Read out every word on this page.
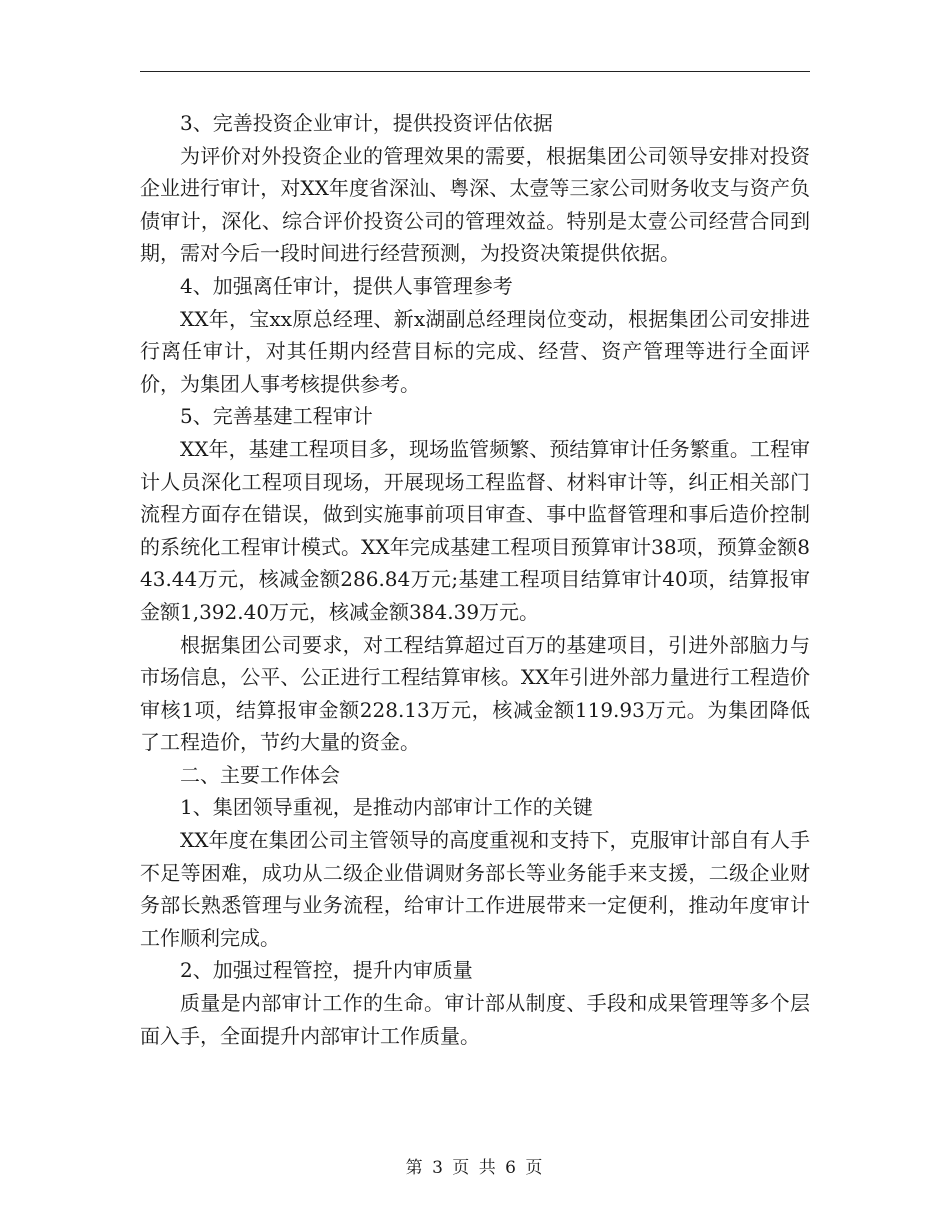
3、完善投资企业审计，提供投资评估依据

为评价对外投资企业的管理效果的需要，根据集团公司领导安排对投资企业进行审计，对XX年度省深汕、粤深、太壹等三家公司财务收支与资产负债审计，深化、综合评价投资公司的管理效益。特别是太壹公司经营合同到期，需对今后一段时间进行经营预测，为投资决策提供依据。

4、加强离任审计，提供人事管理参考

XX年，宝xx原总经理、新x湖副总经理岗位变动，根据集团公司安排进行离任审计，对其任期内经营目标的完成、经营、资产管理等进行全面评价，为集团人事考核提供参考。

5、完善基建工程审计

XX年，基建工程项目多，现场监管频繁、预结算审计任务繁重。工程审计人员深化工程项目现场，开展现场工程监督、材料审计等，纠正相关部门流程方面存在错误，做到实施事前项目审查、事中监督管理和事后造价控制的系统化工程审计模式。XX年完成基建工程项目预算审计38项，预算金额843.44万元，核减金额286.84万元;基建工程项目结算审计40项，结算报审金额1,392.40万元，核减金额384.39万元。

根据集团公司要求，对工程结算超过百万的基建项目，引进外部脑力与市场信息，公平、公正进行工程结算审核。XX年引进外部力量进行工程造价审核1项，结算报审金额228.13万元，核减金额119.93万元。为集团降低了工程造价，节约大量的资金。

二、主要工作体会

1、集团领导重视，是推动内部审计工作的关键

XX年度在集团公司主管领导的高度重视和支持下，克服审计部自有人手不足等困难，成功从二级企业借调财务部长等业务能手来支援，二级企业财务部长熟悉管理与业务流程，给审计工作进展带来一定便利，推动年度审计工作顺利完成。

2、加强过程管控，提升内审质量

质量是内部审计工作的生命。审计部从制度、手段和成果管理等多个层面入手，全面提升内部审计工作质量。

第 3 页 共 6 页
